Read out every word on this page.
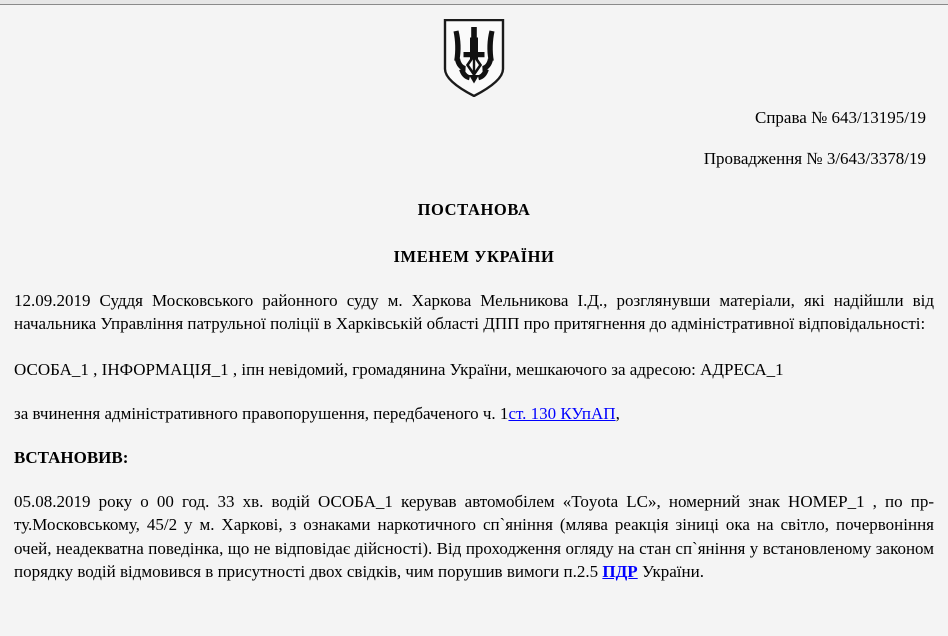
Справа № 643/13195/19
Провадження № 3/643/3378/19
ПОСТАНОВА
ІМЕНЕМ УКРАЇНИ

12.09.2019 Суддя Московського районного суду м. Харкова Мельникова І.Д., розглянувши матеріали, які надійшли від начальника Управління патрульної поліції в Харківській області ДПП про притягнення до адміністративної відповідальності:

ОСОБА_1 , ІНФОРМАЦІЯ_1 , іпн невідомий, громадянина України, мешкаючого за адресою: АДРЕСА_1

за вчинення адміністративного правопорушення, передбаченого ч. 1ст. 130 КУпАП,

ВСТАНОВИВ:

05.08.2019 року о 00 год. 33 хв. водій ОСОБА_1 керував автомобілем «Toyota LC», номерний знак НОМЕР_1 , по пр-ту.Московському, 45/2 у м. Харкові, з ознаками наркотичного сп`яніння (млява реакція зіниці ока на світло, почервоніння очей, неадекватна поведінка, що не відповідає дійсності). Від проходження огляду на стан сп`яніння у встановленому законом порядку водій відмовився в присутності двох свідків, чим порушив вимоги п.2.5 ПДР України.
